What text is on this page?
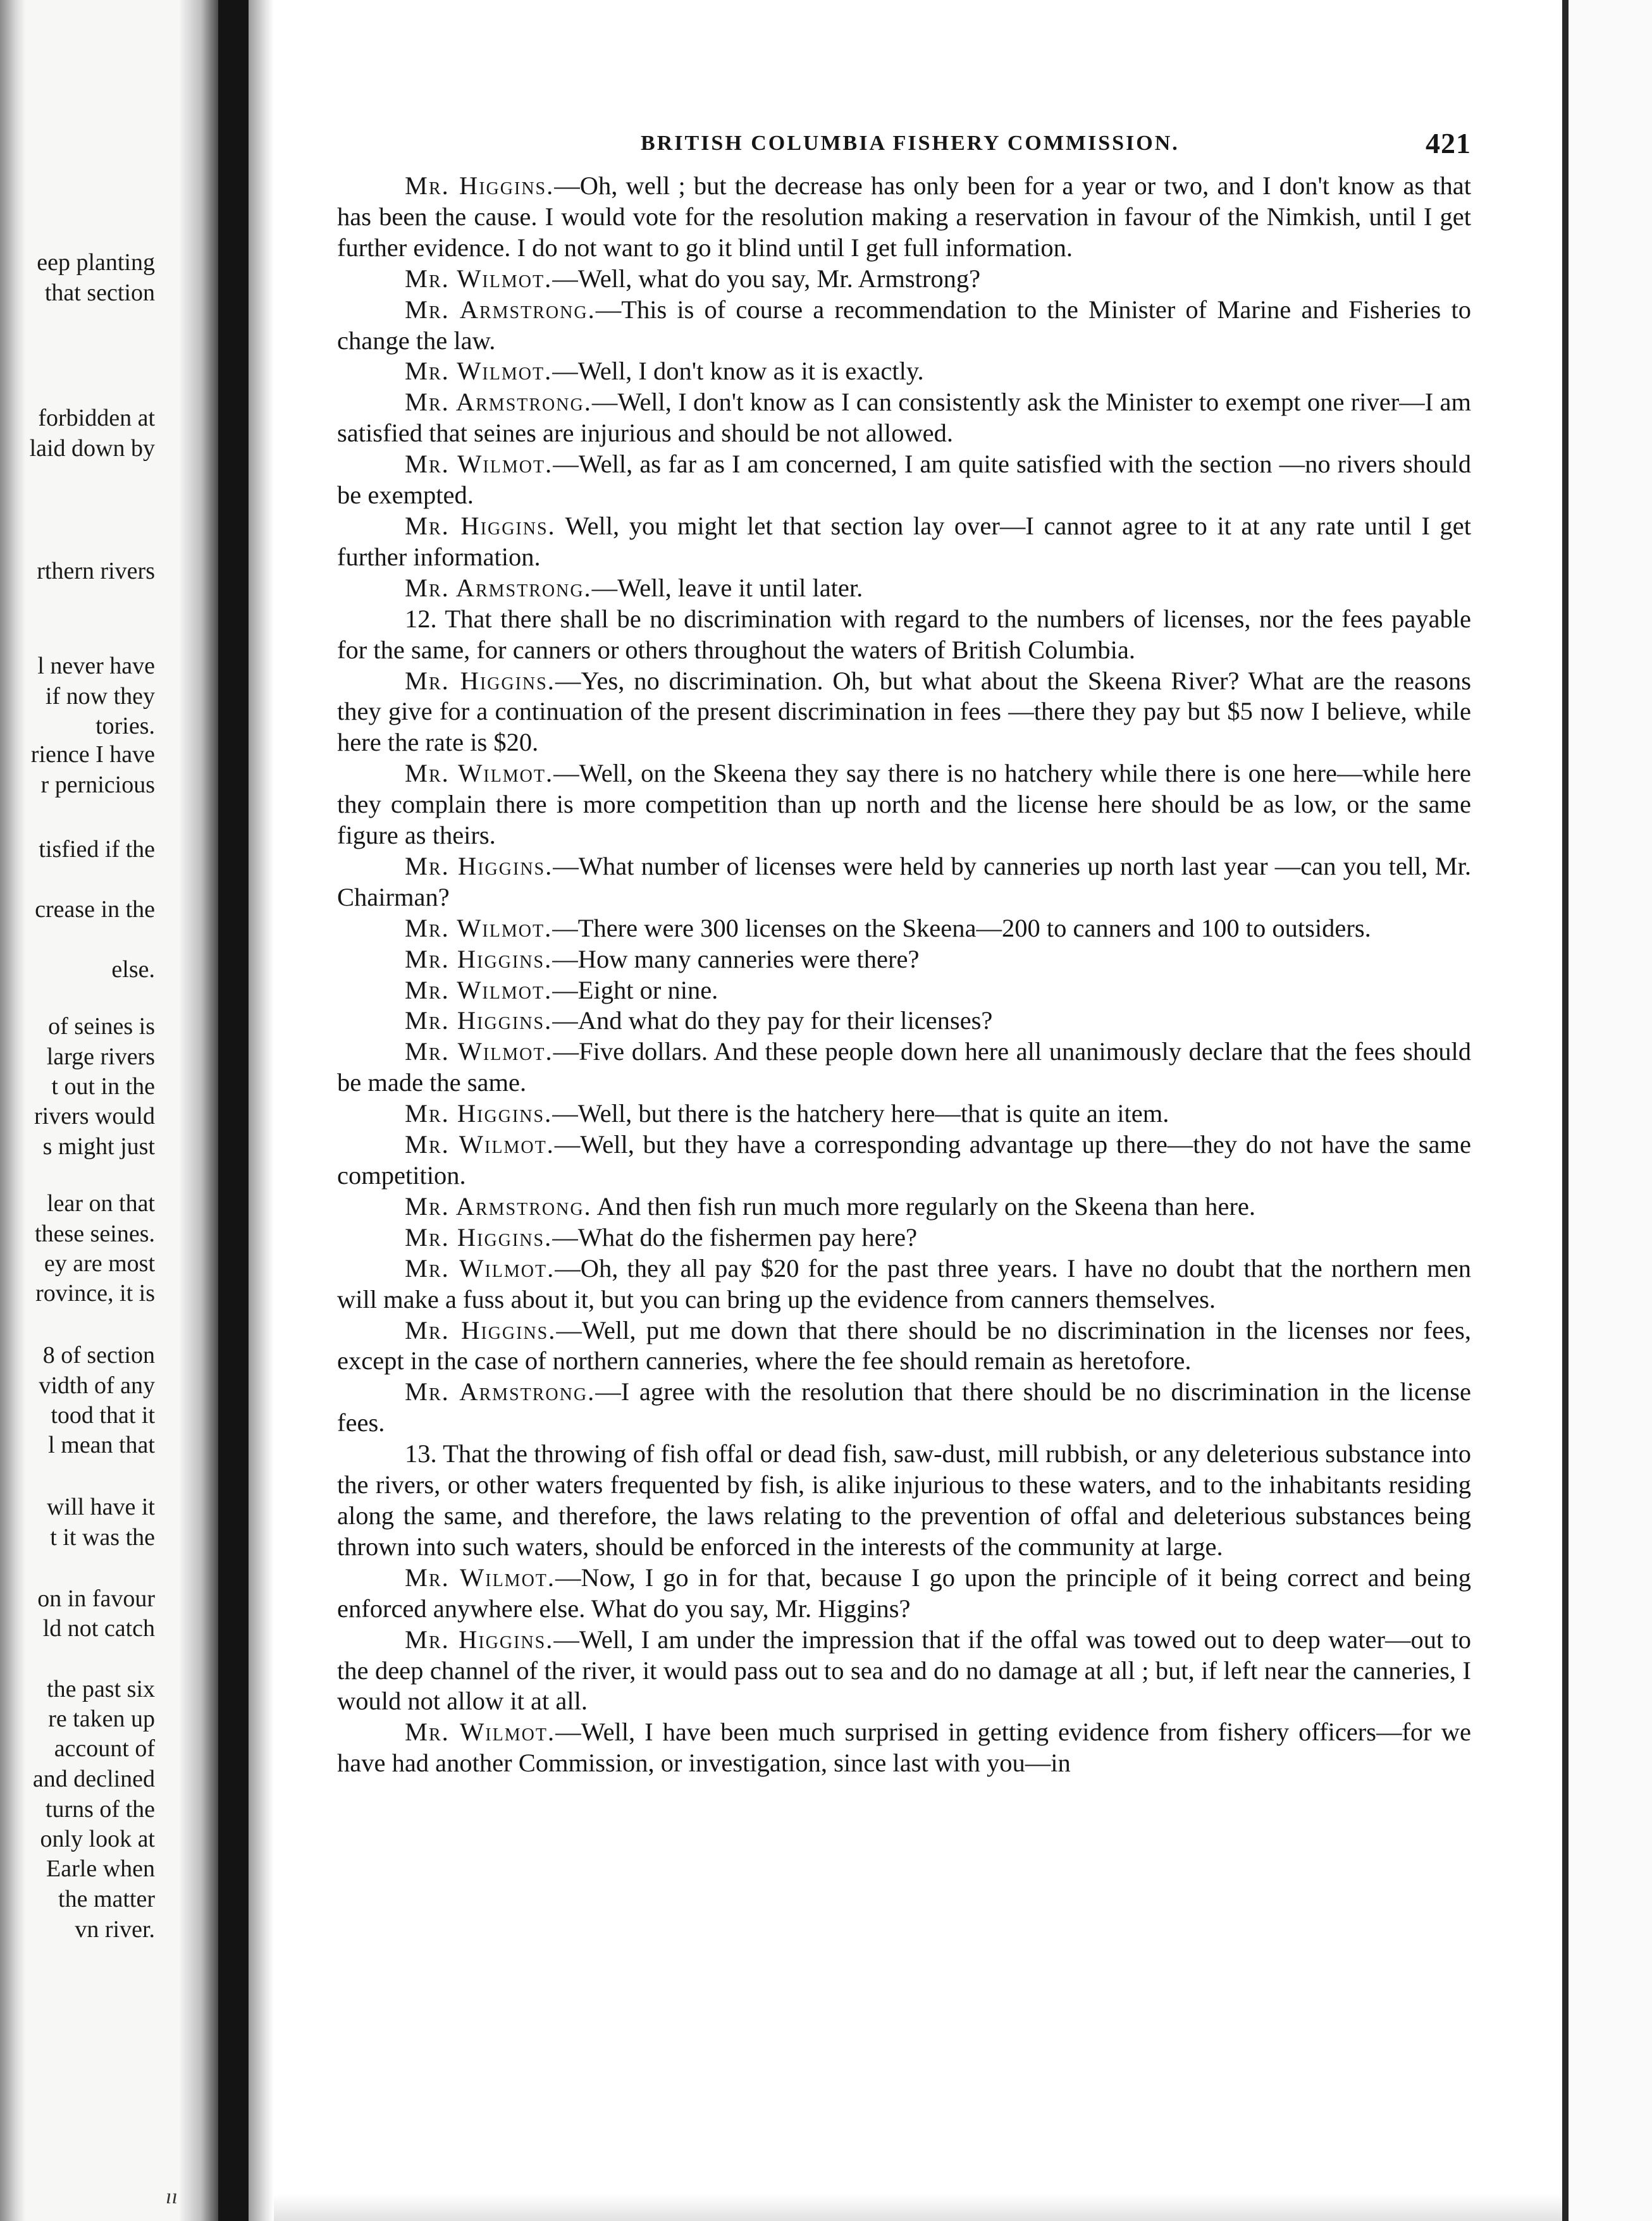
eep planting
that section
forbidden at
laid down by
rthern rivers
l never have
if now they
tories.
rience I have
r pernicious
tisfied if the
crease in the
else.
of seines is
large rivers
t out in the
rivers would
s might just
lear on that
these seines.
ey are most
rovince, it is
8 of section
vidth of any
tood that it
l mean that
will have it
t it was the
on in favour
ld not catch
the past six
re taken up
account of
and declined
turns of the
only look at
Earle when
the matter
vn river.
ıı
BRITISH COLUMBIA FISHERY COMMISSION.	421

Mr. Higgins.—Oh, well ; but the decrease has only been for a year or two, and I don't know as that has been the cause. I would vote for the resolution making a reservation in favour of the Nimkish, until I get further evidence. I do not want to go it blind until I get full information.

Mr. Wilmot.—Well, what do you say, Mr. Armstrong?

Mr. Armstrong.—This is of course a recommendation to the Minister of Marine and Fisheries to change the law.

Mr. Wilmot.—Well, I don't know as it is exactly.

Mr. Armstrong.—Well, I don't know as I can consistently ask the Minister to exempt one river—I am satisfied that seines are injurious and should be not allowed.

Mr. Wilmot.—Well, as far as I am concerned, I am quite satisfied with the section —no rivers should be exempted.

Mr. Higgins. Well, you might let that section lay over—I cannot agree to it at any rate until I get further information.

Mr. Armstrong.—Well, leave it until later.

12. That there shall be no discrimination with regard to the numbers of licenses, nor the fees payable for the same, for canners or others throughout the waters of British Columbia.

Mr. Higgins.—Yes, no discrimination. Oh, but what about the Skeena River? What are the reasons they give for a continuation of the present discrimination in fees —there they pay but $5 now I believe, while here the rate is $20.

Mr. Wilmot.—Well, on the Skeena they say there is no hatchery while there is one here—while here they complain there is more competition than up north and the license here should be as low, or the same figure as theirs.

Mr. Higgins.—What number of licenses were held by canneries up north last year —can you tell, Mr. Chairman?

Mr. Wilmot.—There were 300 licenses on the Skeena—200 to canners and 100 to outsiders.

Mr. Higgins.—How many canneries were there?

Mr. Wilmot.—Eight or nine.

Mr. Higgins.—And what do they pay for their licenses?

Mr. Wilmot.—Five dollars. And these people down here all unanimously declare that the fees should be made the same.

Mr. Higgins.—Well, but there is the hatchery here—that is quite an item.

Mr. Wilmot.—Well, but they have a corresponding advantage up there—they do not have the same competition.

Mr. Armstrong. And then fish run much more regularly on the Skeena than here.

Mr. Higgins.—What do the fishermen pay here?

Mr. Wilmot.—Oh, they all pay $20 for the past three years. I have no doubt that the northern men will make a fuss about it, but you can bring up the evidence from canners themselves.

Mr. Higgins.—Well, put me down that there should be no discrimination in the licenses nor fees, except in the case of northern canneries, where the fee should remain as heretofore.

Mr. Armstrong.—I agree with the resolution that there should be no discrimination in the license fees.

13. That the throwing of fish offal or dead fish, saw-dust, mill rubbish, or any deleterious substance into the rivers, or other waters frequented by fish, is alike injurious to these waters, and to the inhabitants residing along the same, and therefore, the laws relating to the prevention of offal and deleterious substances being thrown into such waters, should be enforced in the interests of the community at large.

Mr. Wilmot.—Now, I go in for that, because I go upon the principle of it being correct and being enforced anywhere else. What do you say, Mr. Higgins?

Mr. Higgins.—Well, I am under the impression that if the offal was towed out to deep water—out to the deep channel of the river, it would pass out to sea and do no damage at all ; but, if left near the canneries, I would not allow it at all.

Mr. Wilmot.—Well, I have been much surprised in getting evidence from fishery officers—for we have had another Commission, or investigation, since last with you—in
